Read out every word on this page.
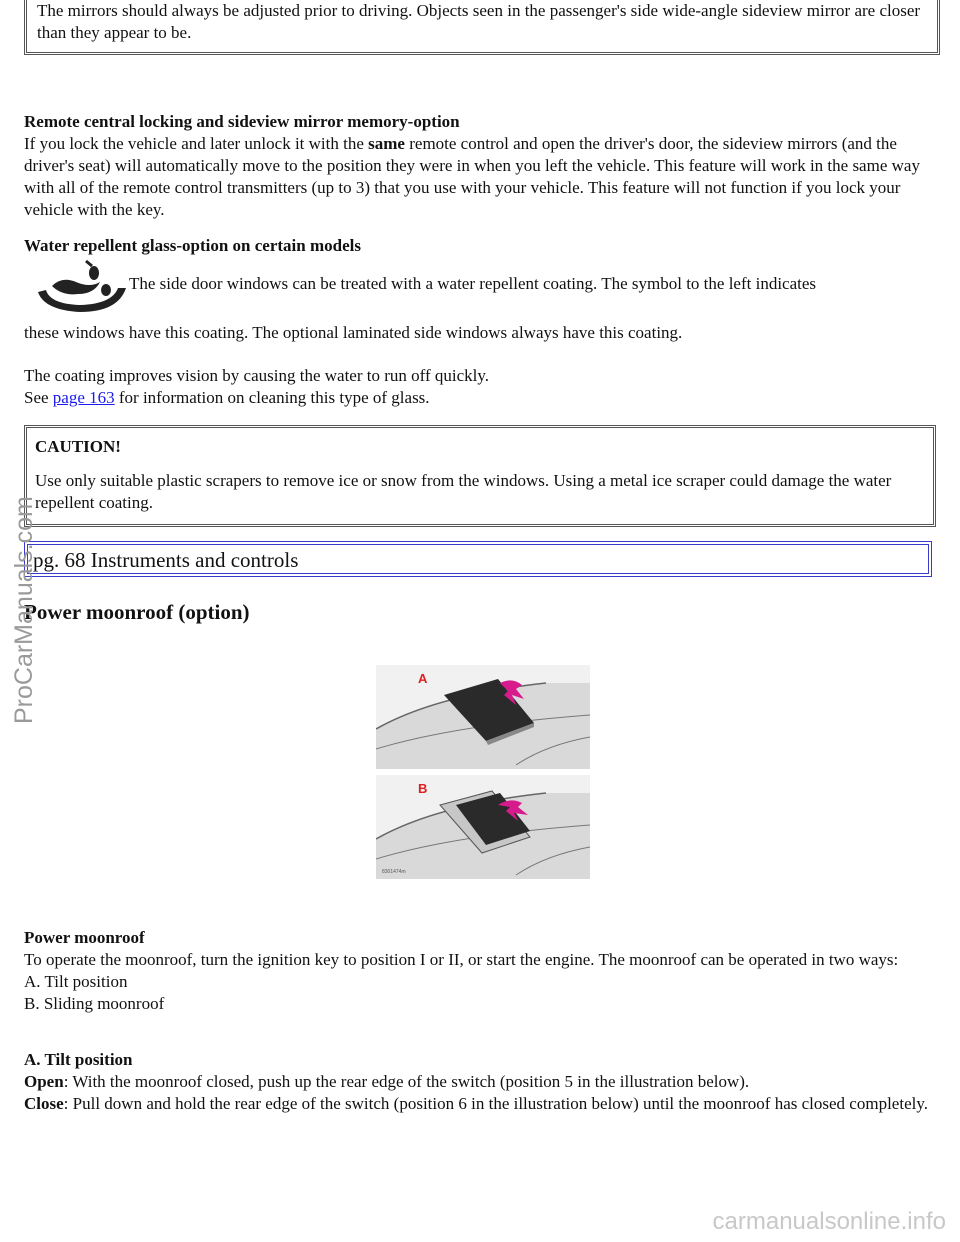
The mirrors should always be adjusted prior to driving. Objects seen in the passenger's side wide-angle sideview mirror are closer than they appear to be.

Remote central locking and sideview mirror memory-option
If you lock the vehicle and later unlock it with the same remote control and open the driver's door, the sideview mirrors (and the driver's seat) will automatically move to the position they were in when you left the vehicle. This feature will work in the same way with all of the remote control transmitters (up to 3) that you use with your vehicle. This feature will not function if you lock your vehicle with the key.

Water repellent glass-option on certain models

The side door windows can be treated with a water repellent coating. The symbol to the left indicates

these windows have this coating. The optional laminated side windows always have this coating.

The coating improves vision by causing the water to run off quickly.
See page 163 for information on cleaning this type of glass.

CAUTION!
Use only suitable plastic scrapers to remove ice or snow from the windows. Using a metal ice scraper could damage the water repellent coating.
pg. 68 Instruments and controls
Power moonroof (option)
A
B
8301474m

Power moonroof
To operate the moonroof, turn the ignition key to position I or II, or start the engine. The moonroof can be operated in two ways:
A. Tilt position
B. Sliding moonroof

A. Tilt position
Open: With the moonroof closed, push up the rear edge of the switch (position 5 in the illustration below).
Close: Pull down and hold the rear edge of the switch (position 6 in the illustration below) until the moonroof has closed completely.

ProCarManuals.com
carmanualsonline.info
